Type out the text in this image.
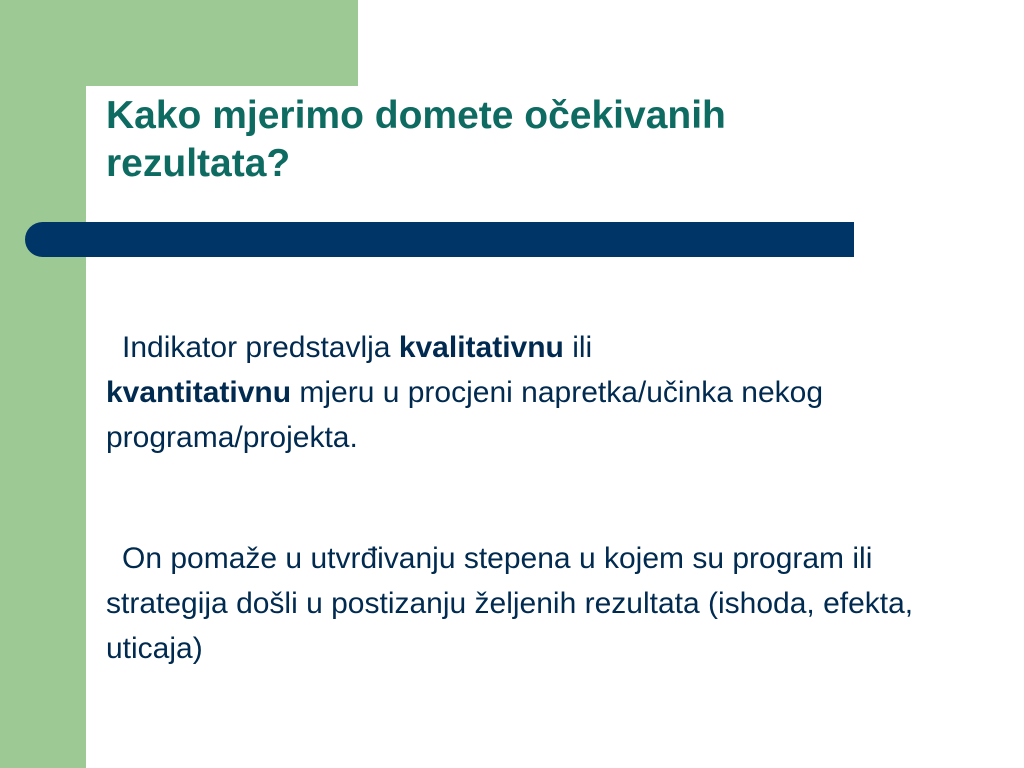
Kako mjerimo domete očekivanih
rezultata?

Indikator predstavlja kvalitativnu ili
kvantitativnu mjeru u procjeni napretka/učinka nekog programa/projekta.

On pomaže u utvrđivanju stepena u kojem su program ili strategija došli u postizanju željenih rezultata (ishoda, efekta, uticaja)
